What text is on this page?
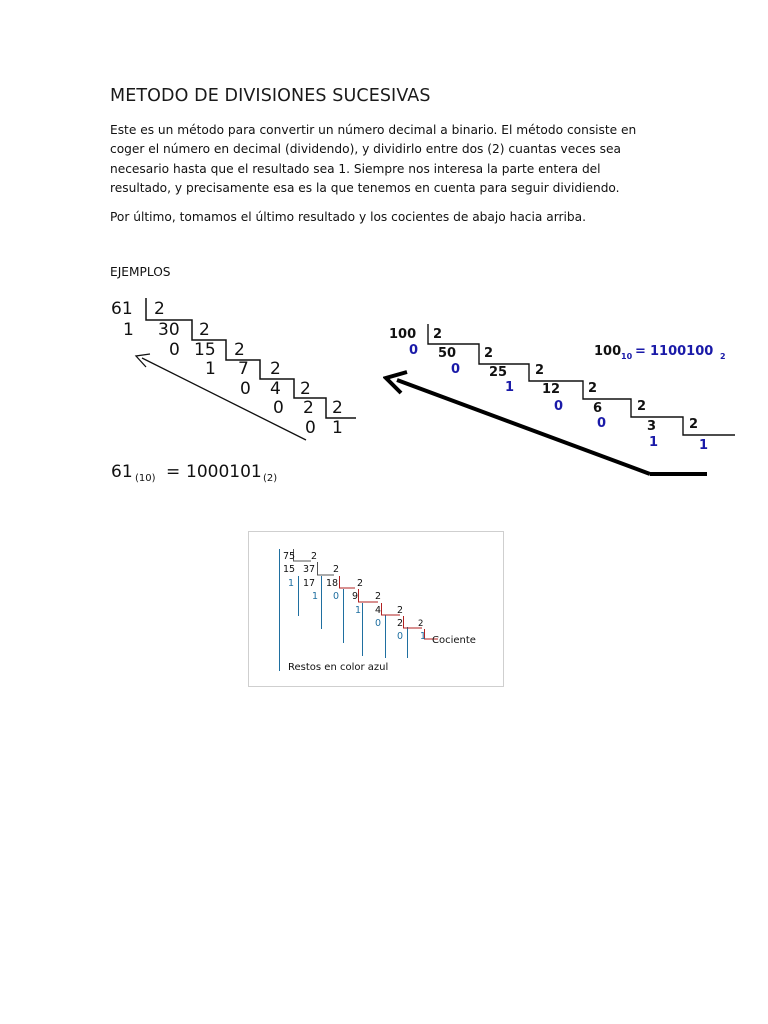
METODO DE DIVISIONES SUCESIVAS

Este es un método para convertir un número decimal a binario. El método consiste en coger el número en decimal (dividendo), y dividirlo entre dos (2) cuantas veces sea necesario hasta que el resultado sea 1. Siempre nos interesa la parte entera del resultado, y precisamente esa es la que tenemos en cuenta para seguir dividiendo.

Por último, tomamos el último resultado y los cocientes de abajo hacia arriba.

EJEMPLOS
61 2
1 30 2
0 15 2
1 7 2
0 4 2
0 2 2
0 1
61 (10) = 1000101 (2)
100 2
50 2
25 2
12 2
6	2
3	2
0
0
1
0
0
1	1
100 10 = 1100100 2
75 2
15 37 2
17 18 2
9 2
4 2
2 2
1
1 0
1
0
0 1 Cociente
Restos en color azul
